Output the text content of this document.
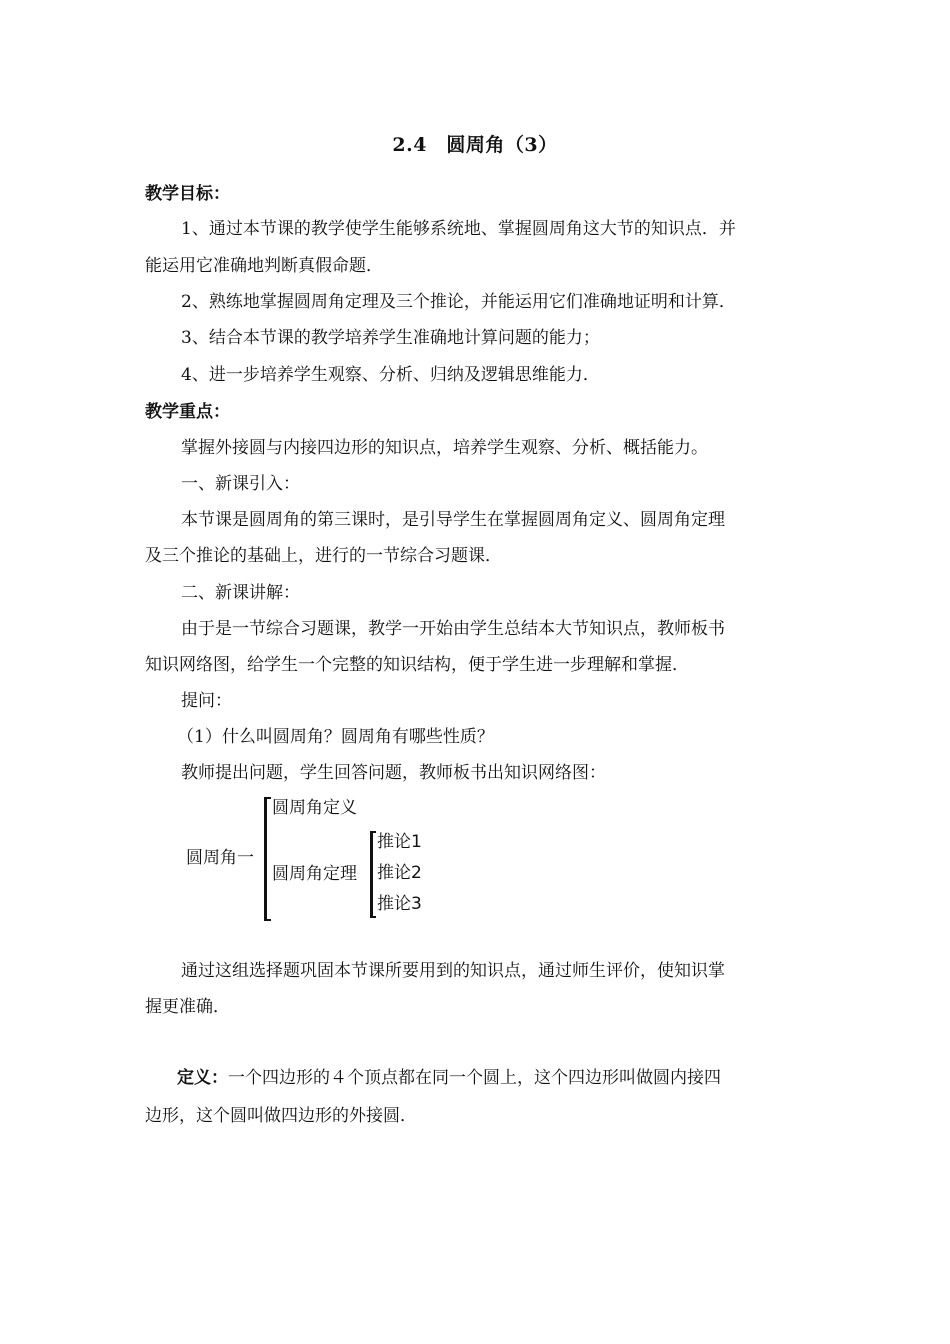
2.4　圆周角（3）
教学目标：
1、通过本节课的教学使学生能够系统地、掌握圆周角这大节的知识点．并
能运用它准确地判断真假命题．
2、熟练地掌握圆周角定理及三个推论，并能运用它们准确地证明和计算．
3、结合本节课的教学培养学生准确地计算问题的能力；
4、进一步培养学生观察、分析、归纳及逻辑思维能力．
教学重点：
掌握外接圆与内接四边形的知识点，培养学生观察、分析、概括能力。
一、新课引入：
本节课是圆周角的第三课时，是引导学生在掌握圆周角定义、圆周角定理
及三个推论的基础上，进行的一节综合习题课．
二、新课讲解：
由于是一节综合习题课，教学一开始由学生总结本大节知识点，教师板书
知识网络图，给学生一个完整的知识结构，便于学生进一步理解和掌握．
提问：
（1）什么叫圆周角？圆周角有哪些性质？
教师提出问题，学生回答问题，教师板书出知识网络图：
圆周角一
圆周角定义
圆周角定理
推论1
推论2
推论3
通过这组选择题巩固本节课所要用到的知识点，通过师生评价，使知识掌
握更准确．
定义：一个四边形的４个顶点都在同一个圆上，这个四边形叫做圆内接四
边形，这个圆叫做四边形的外接圆．
